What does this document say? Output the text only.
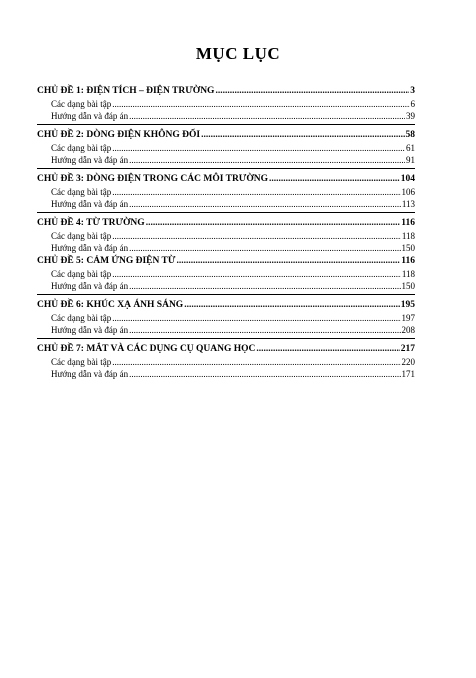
MỤC LỤC
CHỦ ĐỀ 1: ĐIỆN TÍCH – ĐIỆN TRƯỜNG .....	3
Các dạng bài tập .....	6
Hướng dẫn và đáp án .....	39
CHỦ ĐỀ 2: DÒNG ĐIỆN KHÔNG ĐỔI .....	58
Các dạng bài tập .....	61
Hướng dẫn và đáp án .....	91
CHỦ ĐỀ 3: DÒNG ĐIỆN TRONG CÁC MÔI TRƯỜNG .....	104
Các dạng bài tập .....	106
Hướng dẫn và đáp án .....	113
CHỦ ĐỀ 4: TỪ TRƯỜNG .....	116
Các dạng bài tập .....	118
Hướng dẫn và đáp án .....	150
CHỦ ĐỀ 5: CẢM ỨNG ĐIỆN TỪ .....	116
Các dạng bài tập .....	118
Hướng dẫn và đáp án .....	150
CHỦ ĐỀ 6: KHÚC XẠ ÁNH SÁNG .....	195
Các dạng bài tập .....	197
Hướng dẫn và đáp án .....	208
CHỦ ĐỀ 7: MẮT VÀ CÁC DỤNG CỤ QUANG HỌC .....	217
Các dạng bài tập .....	220
Hướng dẫn và đáp án .....	171
